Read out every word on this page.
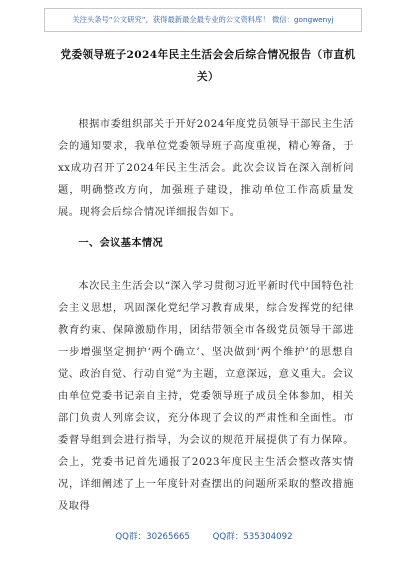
关注头条号“公文研究”，获得最新最全最专业的公文资料库！ 微信：gongwenyj
党委领导班子2024年民主生活会会后综合情况报告（市直机关）

根据市委组织部关于开好2024年度党员领导干部民主生活会的通知要求，我单位党委领导班子高度重视，精心筹备，于xx成功召开了2024年民主生活会。此次会议旨在深入剖析问题，明确整改方向，加强班子建设，推动单位工作高质量发展。现将会后综合情况详细报告如下。

一、会议基本情况

本次民主生活会以“深入学习贯彻习近平新时代中国特色社会主义思想，巩固深化党纪学习教育成果，综合发挥党的纪律教育约束、保障激励作用，团结带领全市各级党员领导干部进一步增强坚定拥护‘两个确立’、坚决做到‘两个维护’的思想自觉、政治自觉、行动自觉”为主题，立意深远，意义重大。会议由单位党委书记亲自主持，党委领导班子成员全体参加，相关部门负责人列席会议，充分体现了会议的严肃性和全面性。市委督导组到会进行指导，为会议的规范开展提供了有力保障。会上，党委书记首先通报了2023年度民主生活会整改落实情况，详细阐述了上一年度针对查摆出的问题所采取的整改措施及取得

QQ群：30265665	QQ群：535304092
